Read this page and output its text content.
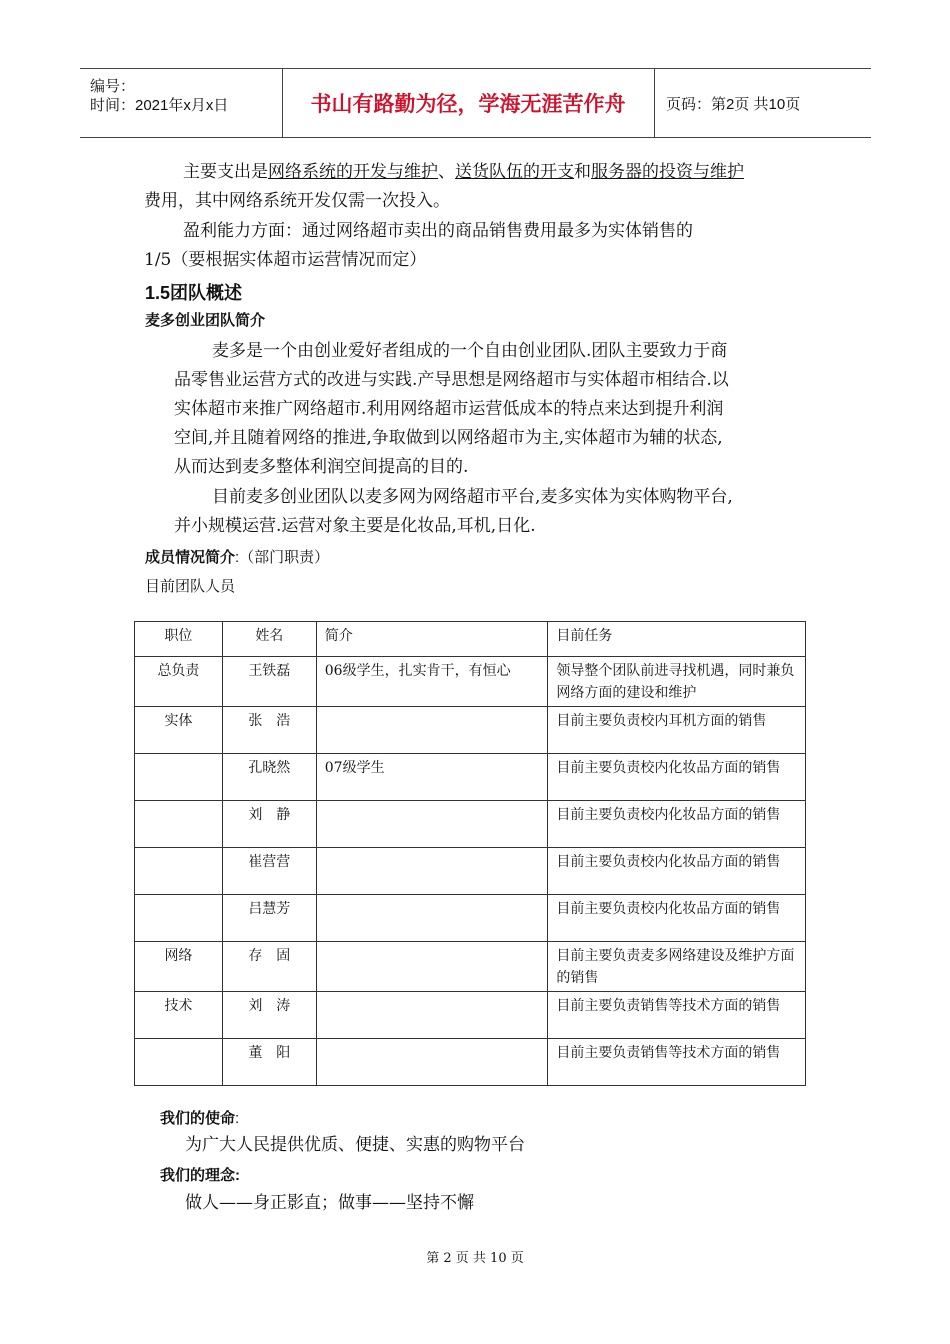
编号：
时间：2021年x月x日	书山有路勤为径，学海无涯苦作舟	页码：第2页 共10页
主要支出是网络系统的开发与维护、送货队伍的开支和服务器的投资与维护
费用，其中网络系统开发仅需一次投入。
盈利能力方面：通过网络超市卖出的商品销售费用最多为实体销售的
1/5（要根据实体超市运营情况而定）
1.5团队概述
麦多创业团队简介
麦多是一个由创业爱好者组成的一个自由创业团队.团队主要致力于商
品零售业运营方式的改进与实践.产导思想是网络超市与实体超市相结合.以
实体超市来推广网络超市.利用网络超市运营低成本的特点来达到提升利润
空间,并且随着网络的推进,争取做到以网络超市为主,实体超市为辅的状态,
从而达到麦多整体利润空间提高的目的.
目前麦多创业团队以麦多网为网络超市平台,麦多实体为实体购物平台,
并小规模运营.运营对象主要是化妆品,耳机,日化.
成员情况简介:（部门职责）
目前团队人员
职位	姓名	简介	目前任务
总负责	王铁磊	06级学生，扎实肯干，有恒心	领导整个团队前进寻找机遇，同时兼负网络方面的建设和维护
实体	张　浩		目前主要负责校内耳机方面的销售
	孔晓然	07级学生	目前主要负责校内化妆品方面的销售
	刘　静		目前主要负责校内化妆品方面的销售
	崔营营		目前主要负责校内化妆品方面的销售
	吕慧芳		目前主要负责校内化妆品方面的销售
网络	存　固		目前主要负责麦多网络建设及维护方面的销售
技术	刘　涛		目前主要负责销售等技术方面的销售
	董　阳		目前主要负责销售等技术方面的销售
我们的使命:
为广大人民提供优质、便捷、实惠的购物平台
我们的理念:
做人——身正影直；做事——坚持不懈
第 2 页 共 10 页
